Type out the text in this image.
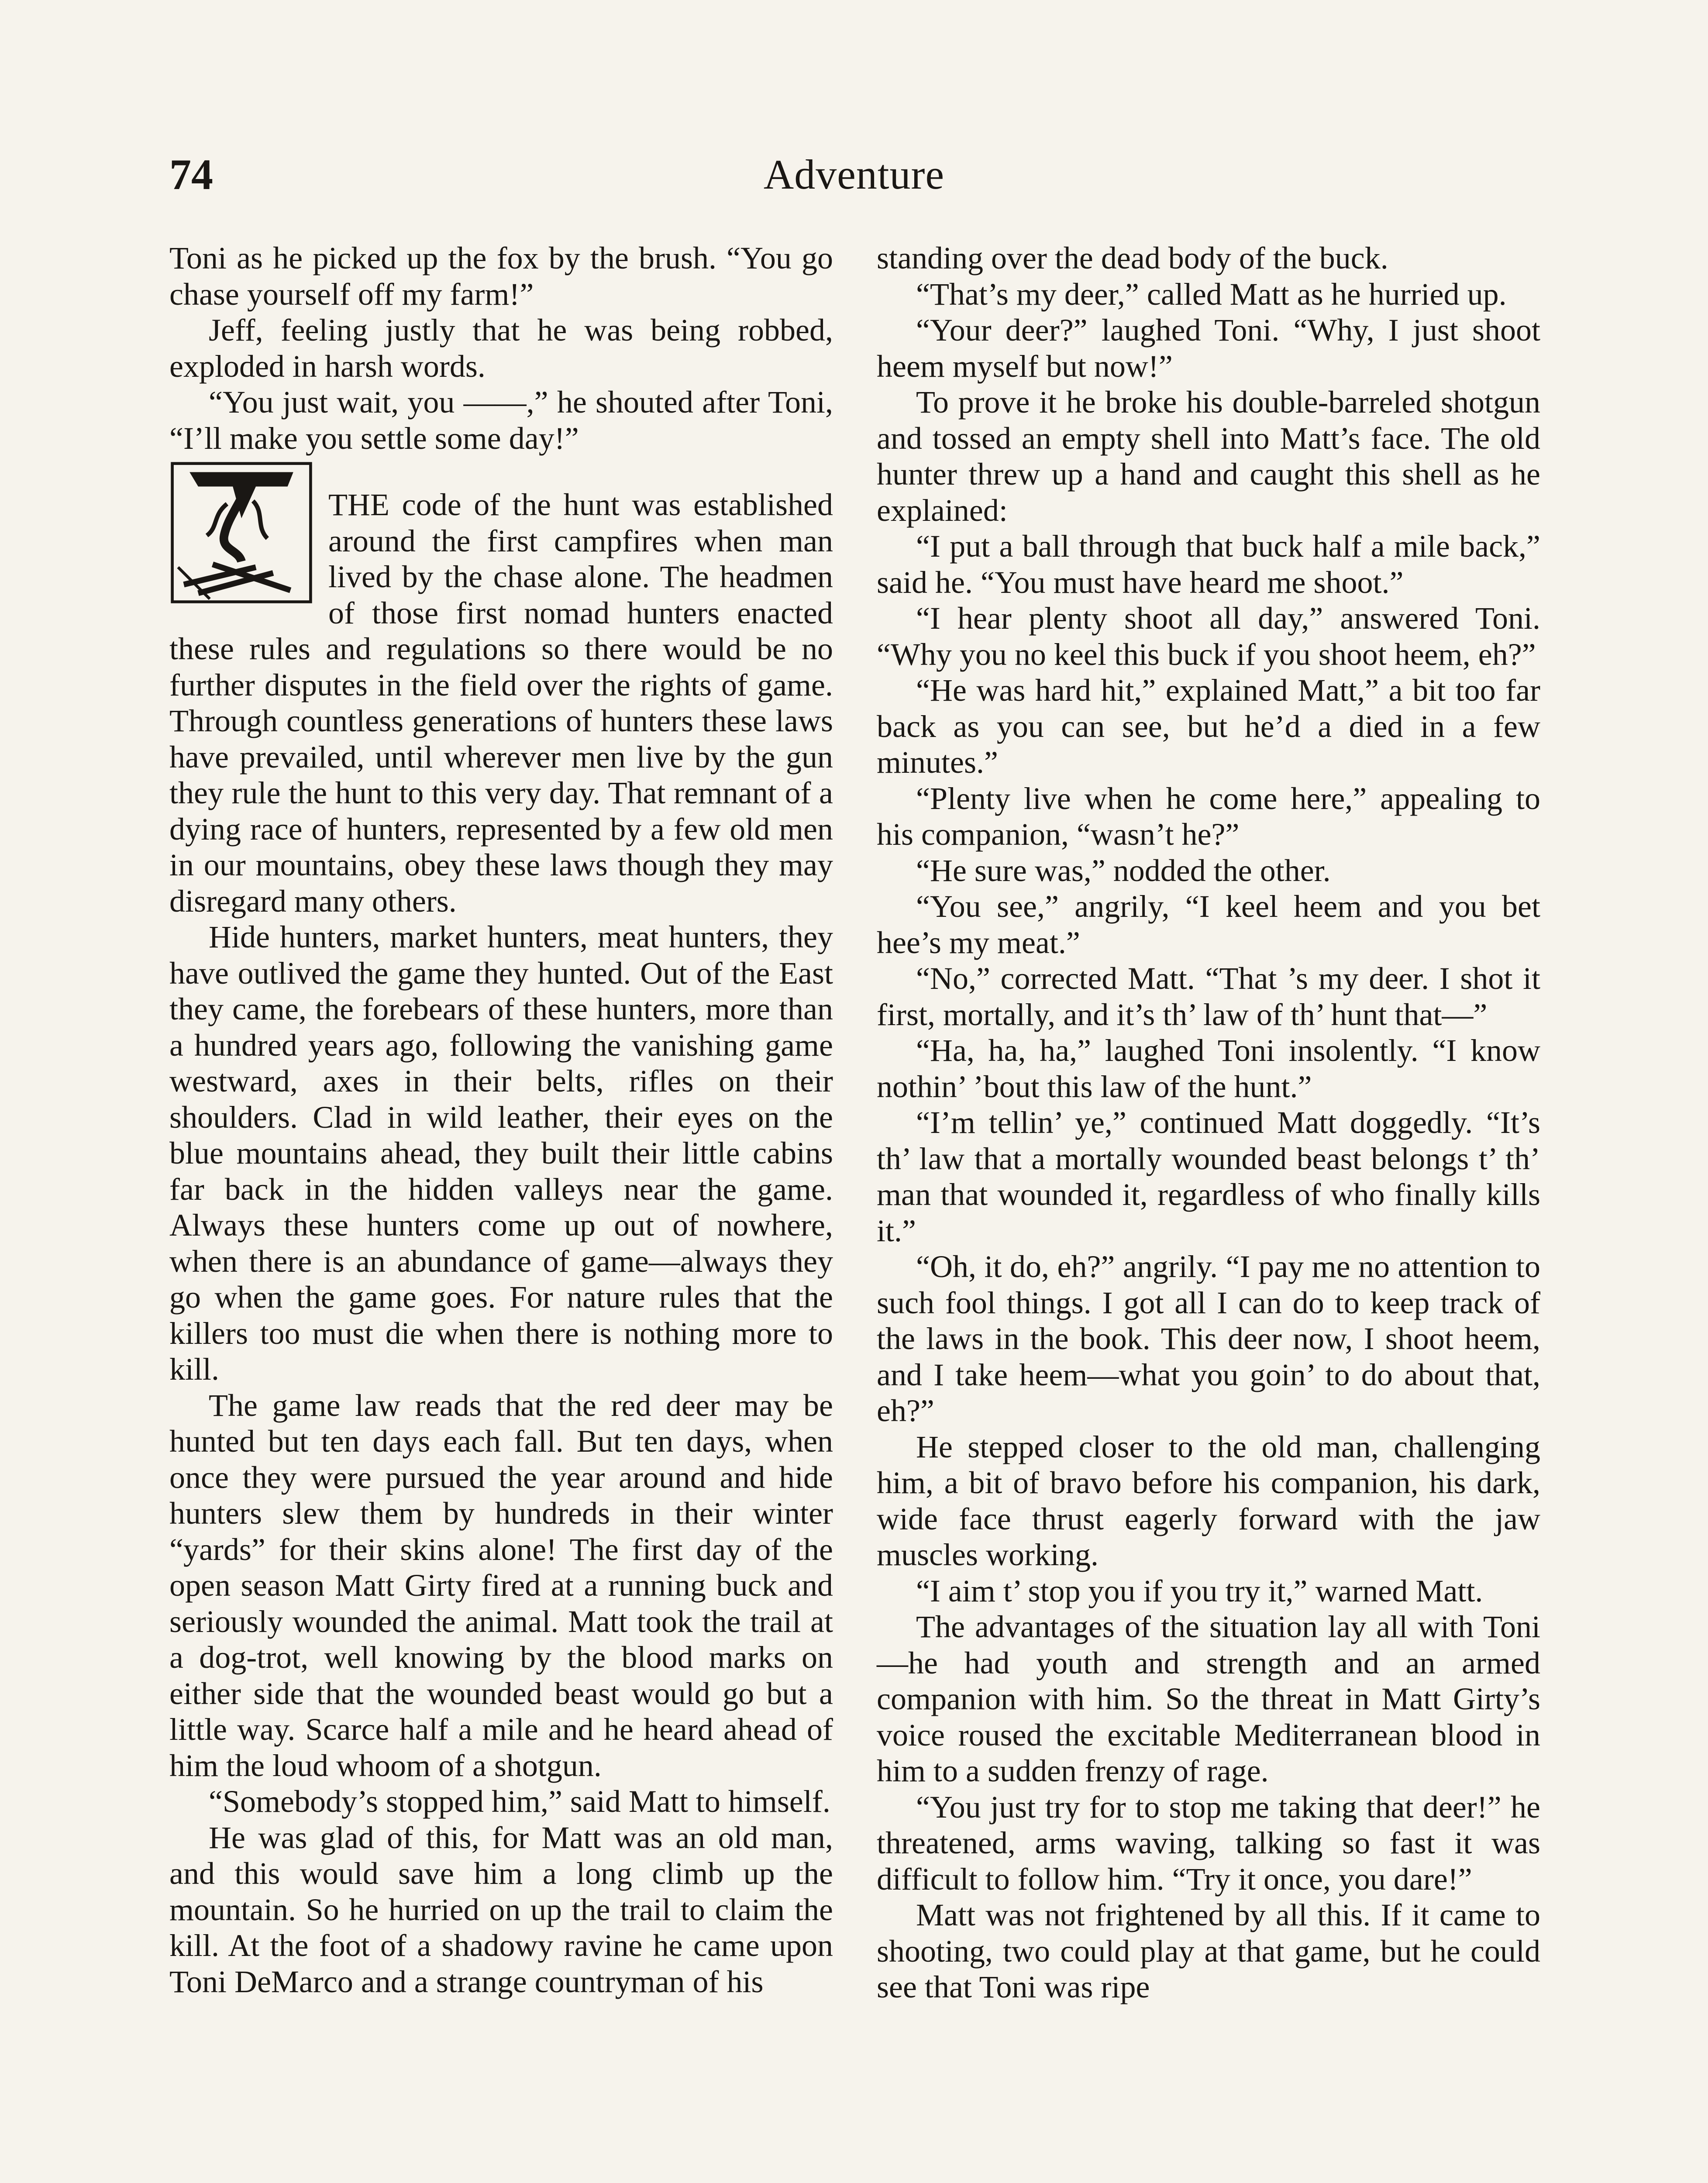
74	Adventure

Toni as he picked up the fox by the brush. “You go chase yourself off my farm!”

Jeff, feeling justly that he was being robbed, exploded in harsh words.

“You just wait, you ——,” he shouted after Toni, “I’ll make you settle some day!”

THE code of the hunt was established around the first campfires when man lived by the chase alone. The headmen of those first nomad hunters enacted these rules and regulations so there would be no further disputes in the field over the rights of game. Through countless generations of hunters these laws have prevailed, until wherever men live by the gun they rule the hunt to this very day. That remnant of a dying race of hunters, represented by a few old men in our mountains, obey these laws though they may disregard many others.

Hide hunters, market hunters, meat hunters, they have outlived the game they hunted. Out of the East they came, the forebears of these hunters, more than a hundred years ago, following the vanishing game westward, axes in their belts, rifles on their shoulders. Clad in wild leather, their eyes on the blue mountains ahead, they built their little cabins far back in the hidden valleys near the game. Always these hunters come up out of nowhere, when there is an abundance of game—always they go when the game goes. For nature rules that the killers too must die when there is nothing more to kill.

The game law reads that the red deer may be hunted but ten days each fall. But ten days, when once they were pursued the year around and hide hunters slew them by hundreds in their winter “yards” for their skins alone! The first day of the open season Matt Girty fired at a running buck and seriously wounded the animal. Matt took the trail at a dog-trot, well knowing by the blood marks on either side that the wounded beast would go but a little way. Scarce half a mile and he heard ahead of him the loud whoom of a shotgun.

“Somebody’s stopped him,” said Matt to himself.

He was glad of this, for Matt was an old man, and this would save him a long climb up the mountain. So he hurried on up the trail to claim the kill. At the foot of a shadowy ravine he came upon Toni DeMarco and a strange countryman of his

standing over the dead body of the buck.

“That’s my deer,” called Matt as he hurried up.

“Your deer?” laughed Toni. “Why, I just shoot heem myself but now!”

To prove it he broke his double-barreled shotgun and tossed an empty shell into Matt’s face. The old hunter threw up a hand and caught this shell as he explained:

“I put a ball through that buck half a mile back,” said he. “You must have heard me shoot.”

“I hear plenty shoot all day,” answered Toni. “Why you no keel this buck if you shoot heem, eh?”

“He was hard hit,” explained Matt,” a bit too far back as you can see, but he’d a died in a few minutes.”

“Plenty live when he come here,” appealing to his companion, “wasn’t he?”

“He sure was,” nodded the other.

“You see,” angrily, “I keel heem and you bet hee’s my meat.”

“No,” corrected Matt. “That ’s my deer. I shot it first, mortally, and it’s th’ law of th’ hunt that—”

“Ha, ha, ha,” laughed Toni insolently. “I know nothin’ ’bout this law of the hunt.”

“I’m tellin’ ye,” continued Matt doggedly. “It’s th’ law that a mortally wounded beast belongs t’ th’ man that wounded it, regardless of who finally kills it.”

“Oh, it do, eh?” angrily. “I pay me no attention to such fool things. I got all I can do to keep track of the laws in the book. This deer now, I shoot heem, and I take heem—what you goin’ to do about that, eh?”

He stepped closer to the old man, challenging him, a bit of bravo before his companion, his dark, wide face thrust eagerly forward with the jaw muscles working.

“I aim t’ stop you if you try it,” warned Matt.

The advantages of the situation lay all with Toni—he had youth and strength and an armed companion with him. So the threat in Matt Girty’s voice roused the excitable Mediterranean blood in him to a sudden frenzy of rage.

“You just try for to stop me taking that deer!” he threatened, arms waving, talking so fast it was difficult to follow him. “Try it once, you dare!”

Matt was not frightened by all this. If it came to shooting, two could play at that game, but he could see that Toni was ripe
